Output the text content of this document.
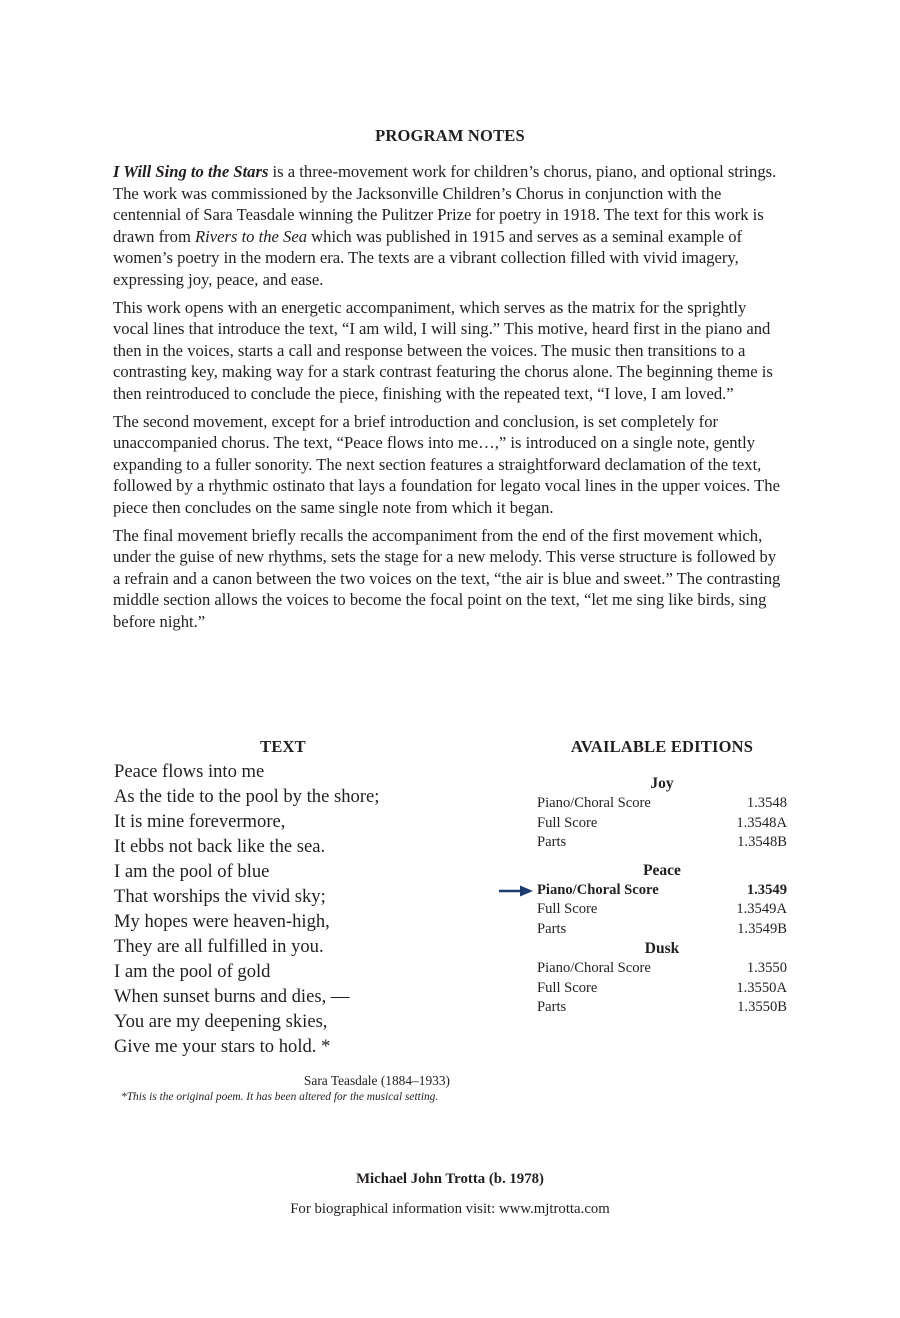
PROGRAM NOTES

I Will Sing to the Stars is a three-movement work for children’s chorus, piano, and optional strings. The work was commissioned by the Jacksonville Children’s Chorus in conjunction with the centennial of Sara Teasdale winning the Pulitzer Prize for poetry in 1918. The text for this work is drawn from Rivers to the Sea which was published in 1915 and serves as a seminal example of women’s poetry in the modern era. The texts are a vibrant collection filled with vivid imagery, expressing joy, peace, and ease.

This work opens with an energetic accompaniment, which serves as the matrix for the sprightly vocal lines that introduce the text, “I am wild, I will sing.” This motive, heard first in the piano and then in the voices, starts a call and response between the voices. The music then transitions to a contrasting key, making way for a stark contrast featuring the chorus alone. The beginning theme is then reintroduced to conclude the piece, finishing with the repeated text, “I love, I am loved.”

The second movement, except for a brief introduction and conclusion, is set completely for unaccompanied chorus. The text, “Peace flows into me…,” is introduced on a single note, gently expanding to a fuller sonority. The next section features a straightforward declamation of the text, followed by a rhythmic ostinato that lays a foundation for legato vocal lines in the upper voices. The piece then concludes on the same single note from which it began.

The final movement briefly recalls the accompaniment from the end of the first movement which, under the guise of new rhythms, sets the stage for a new melody. This verse structure is followed by a refrain and a canon between the two voices on the text, “the air is blue and sweet.” The contrasting middle section allows the voices to become the focal point on the text, “let me sing like birds, sing before night.”

TEXT
Peace flows into me
As the tide to the pool by the shore;
It is mine forevermore,
It ebbs not back like the sea.
I am the pool of blue
That worships the vivid sky;
My hopes were heaven-high,
They are all fulfilled in you.
I am the pool of gold
When sunset burns and dies, —
You are my deepening skies,
Give me your stars to hold. *
Sara Teasdale (1884–1933)
*This is the original poem. It has been altered for the musical setting.
AVAILABLE EDITIONS
Joy
Piano/Choral Score	1.3548
Full Score	1.3548A
Parts	1.3548B
Peace
Piano/Choral Score	1.3549
Full Score	1.3549A
Parts	1.3549B
Dusk
Piano/Choral Score	1.3550
Full Score	1.3550A
Parts	1.3550B
Michael John Trotta (b. 1978)
For biographical information visit: www.mjtrotta.com
